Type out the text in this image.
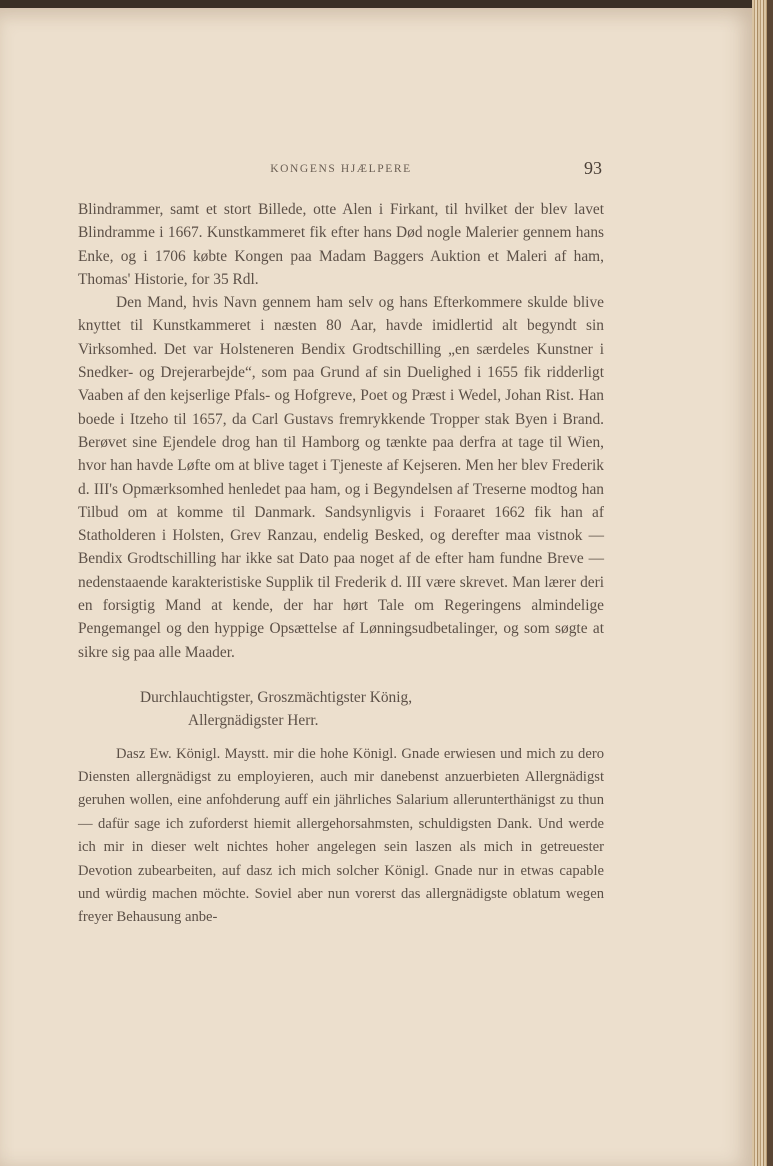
KONGENS HJÆLPERE	93

Blindrammer, samt et stort Billede, otte Alen i Firkant, til hvilket der blev lavet Blindramme i 1667. Kunstkammeret fik efter hans Død nogle Malerier gennem hans Enke, og i 1706 købte Kongen paa Madam Baggers Auktion et Maleri af ham, Thomas' Historie, for 35 Rdl.

Den Mand, hvis Navn gennem ham selv og hans Efterkommere skulde blive knyttet til Kunstkammeret i næsten 80 Aar, havde imidlertid alt begyndt sin Virksomhed. Det var Holsteneren Bendix Grodtschilling „en særdeles Kunstner i Snedker- og Drejerarbejde“, som paa Grund af sin Duelighed i 1655 fik ridderligt Vaaben af den kejserlige Pfals- og Hofgreve, Poet og Præst i Wedel, Johan Rist. Han boede i Itzeho til 1657, da Carl Gustavs fremrykkende Tropper stak Byen i Brand. Berøvet sine Ejendele drog han til Hamborg og tænkte paa derfra at tage til Wien, hvor han havde Løfte om at blive taget i Tjeneste af Kejseren. Men her blev Frederik d. III's Opmærksomhed henledet paa ham, og i Begyndelsen af Treserne modtog han Tilbud om at komme til Danmark. Sandsynligvis i Foraaret 1662 fik han af Statholderen i Holsten, Grev Ranzau, endelig Besked, og derefter maa vistnok — Bendix Grodtschilling har ikke sat Dato paa noget af de efter ham fundne Breve — nedenstaaende karakteristiske Supplik til Frederik d. III være skrevet. Man lærer deri en forsigtig Mand at kende, der har hørt Tale om Regeringens almindelige Pengemangel og den hyppige Opsættelse af Lønningsudbetalinger, og som søgte at sikre sig paa alle Maader.

Durchlauchtigster, Groszmächtigster König,
Allergnädigster Herr.

Dasz Ew. Königl. Maystt. mir die hohe Königl. Gnade erwiesen und mich zu dero Diensten allergnädigst zu employieren, auch mir danebenst anzuerbieten Allergnädigst geruhen wollen, eine anfohderung auff ein jährliches Salarium allerunterthänigst zu thun — dafür sage ich zuforderst hiemit allergehorsahmsten, schuldigsten Dank. Und werde ich mir in dieser welt nichtes hoher angelegen sein laszen als mich in getreuester Devotion zubearbeiten, auf dasz ich mich solcher Königl. Gnade nur in etwas capable und würdig machen möchte. Soviel aber nun vorerst das allergnädigste oblatum wegen freyer Behausung anbe-
